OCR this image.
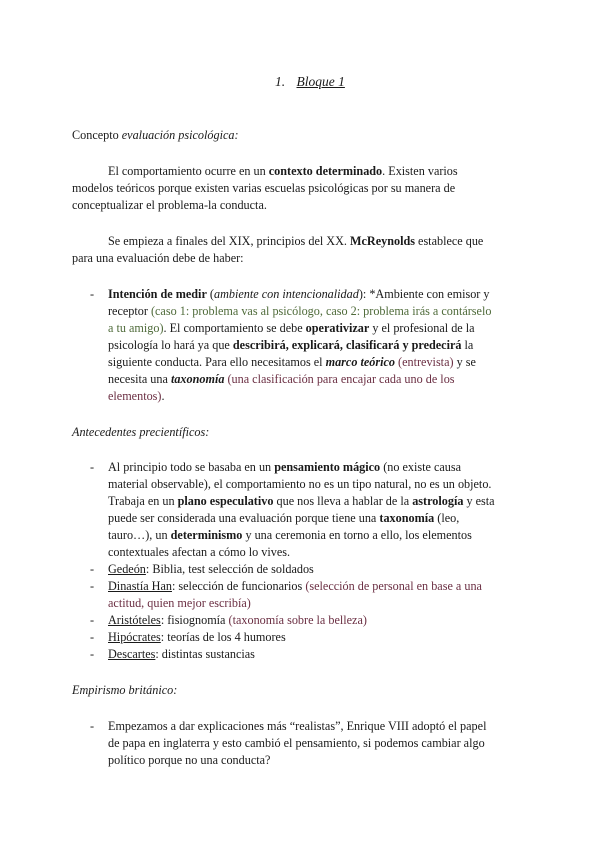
1. Bloque 1
Concepto evaluación psicológica:
El comportamiento ocurre en un contexto determinado. Existen varios
modelos teóricos porque existen varias escuelas psicológicas por su manera de
conceptualizar el problema-la conducta.
Se empieza a finales del XIX, principios del XX. McReynolds establece que
para una evaluación debe de haber:
- Intención de medir (ambiente con intencionalidad): *Ambiente con emisor y
receptor (caso 1: problema vas al psicólogo, caso 2: problema irás a contárselo
a tu amigo). El comportamiento se debe operativizar y el profesional de la
psicología lo hará ya que describirá, explicará, clasificará y predecirá la
siguiente conducta. Para ello necesitamos el marco teórico (entrevista) y se
necesita una taxonomía (una clasificación para encajar cada uno de los
elementos).
Antecedentes precientíficos:
- Al principio todo se basaba en un pensamiento mágico (no existe causa
material observable), el comportamiento no es un tipo natural, no es un objeto.
Trabaja en un plano especulativo que nos lleva a hablar de la astrología y esta
puede ser considerada una evaluación porque tiene una taxonomía (leo,
tauro…), un determinismo y una ceremonia en torno a ello, los elementos
contextuales afectan a cómo lo vives.
- Gedeón: Biblia, test selección de soldados
- Dinastía Han: selección de funcionarios (selección de personal en base a una
actitud, quien mejor escribía)
- Aristóteles: fisiognomía (taxonomía sobre la belleza)
- Hipócrates: teorías de los 4 humores
- Descartes: distintas sustancias
Empirismo británico:
- Empezamos a dar explicaciones más “realistas”, Enrique VIII adoptó el papel
de papa en inglaterra y esto cambió el pensamiento, si podemos cambiar algo
político porque no una conducta?
